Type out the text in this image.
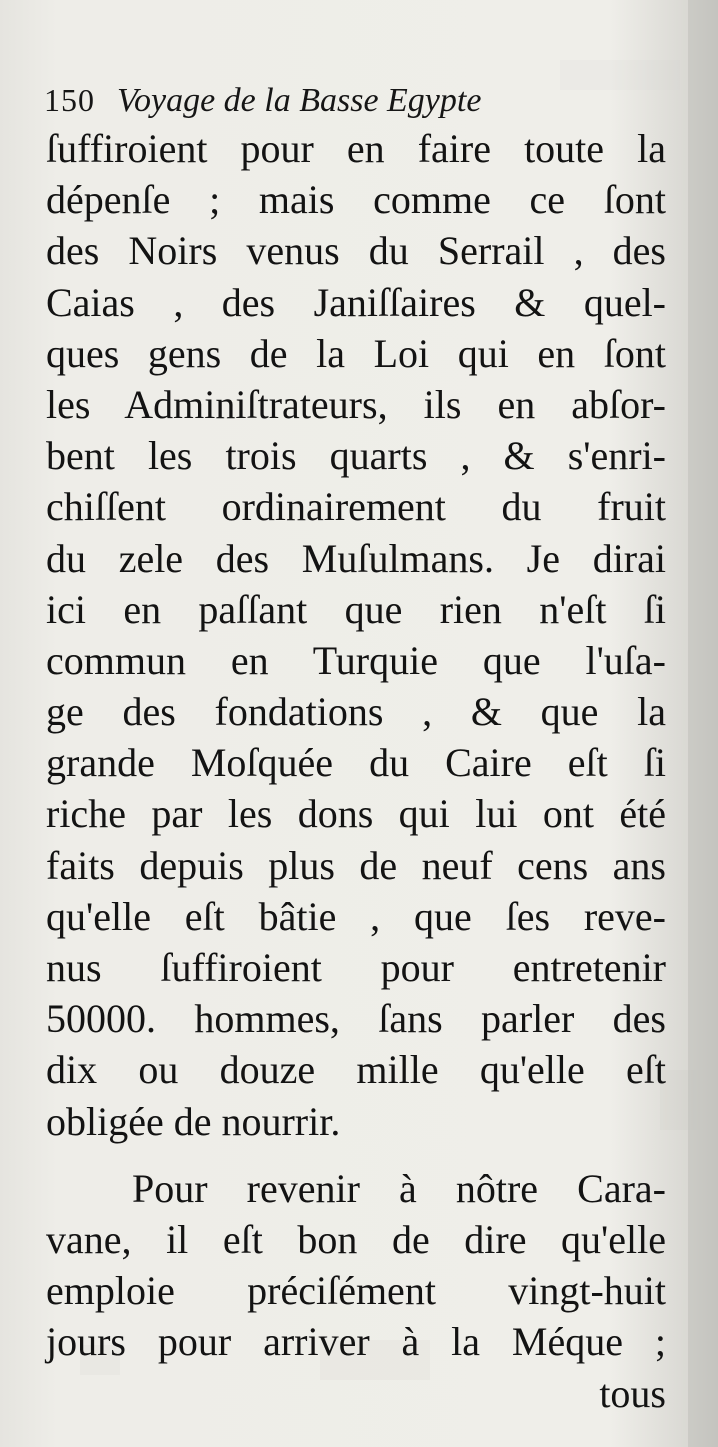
150 Voyage de la Basse Egypte
ſuffiroient pour en faire toute la
dépenſe ; mais comme ce ſont
des Noirs venus du Serrail , des
Caias , des Janiſſaires & quel-
ques gens de la Loi qui en ſont
les Adminiſtrateurs, ils en abſor-
bent les trois quarts , & s'enri-
chiſſent ordinairement du fruit
du zele des Muſulmans. Je dirai
ici en paſſant que rien n'eſt ſi
commun en Turquie que l'uſa-
ge des fondations , & que la
grande Moſquée du Caire eſt ſi
riche par les dons qui lui ont été
faits depuis plus de neuf cens ans
qu'elle eſt bâtie , que ſes reve-
nus ſuffiroient pour entretenir
50000. hommes, ſans parler des
dix ou douze mille qu'elle eſt
obligée de nourrir.
Pour revenir à nôtre Cara-
vane, il eſt bon de dire qu'elle
emploie préciſément vingt-huit
jours pour arriver à la Méque ;
tous
